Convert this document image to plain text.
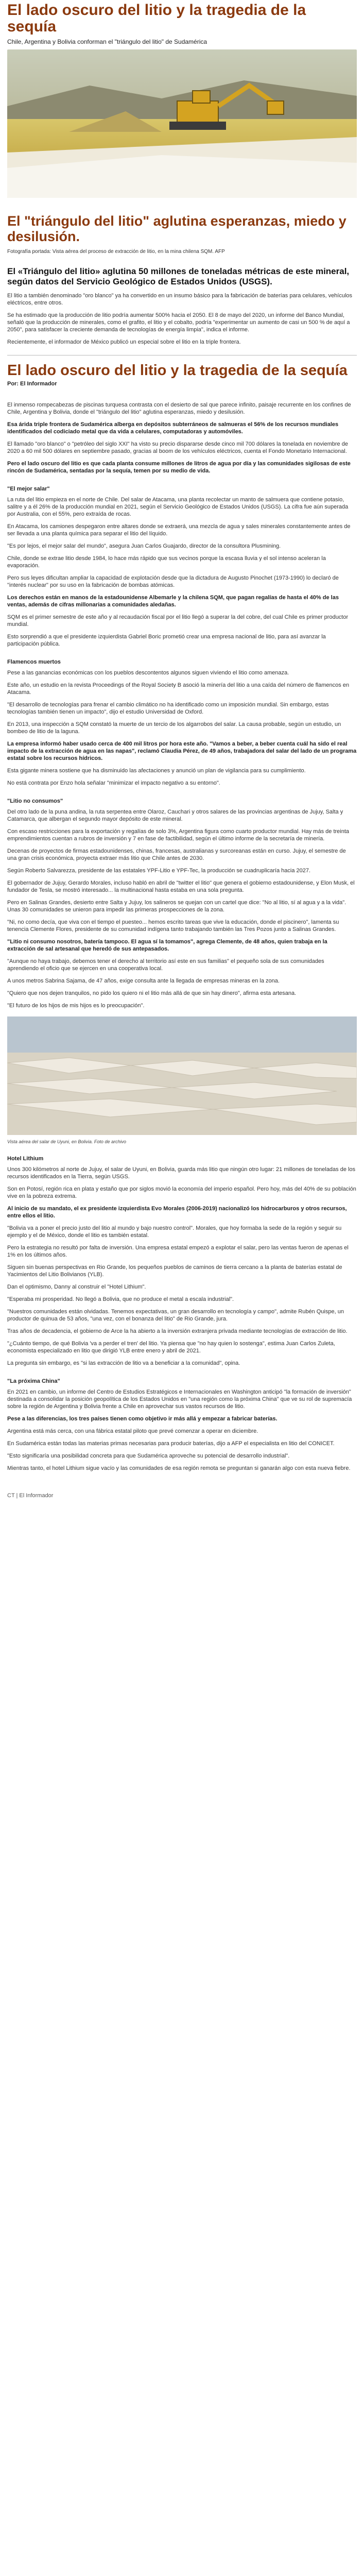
El lado oscuro del litio y la tragedia de la sequía
Chile, Argentina y Bolivia conforman el "triángulo del litio" de Sudamérica
El "triángulo del litio" aglutina esperanzas, miedo y desilusión.
Fotografía portada: Vista aérea del proceso de extracción de litio, en la mina chilena SQM. AFP
El «Triángulo del litio» aglutina 50 millones de toneladas métricas de este mineral, según datos del Servicio Geológico de Estados Unidos (USGS).

El litio a también denominado "oro blanco" ya ha convertido en un insumo básico para la fabricación de baterías para celulares, vehículos eléctricos, entre otros.

Se ha estimado que la producción de litio podría aumentar 500% hacia el 2050. El 8 de mayo del 2020, un informe del Banco Mundial, señaló que la producción de minerales, como el grafito, el litio y el cobalto, podría "experimentar un aumento de casi un 500 % de aquí a 2050", para satisfacer la creciente demanda de tecnologías de energía limpia", indica el informe.

Recientemente, el informador de México publicó un especial sobre el litio en la triple frontera.

El lado oscuro del litio y la tragedia de la sequía
Por: El Informador

El inmenso rompecabezas de piscinas turquesa contrasta con el desierto de sal que parece infinito, paisaje recurrente en los confines de Chile, Argentina y Bolivia, donde el "triángulo del litio" aglutina esperanzas, miedo y desilusión.

Esa árida triple frontera de Sudamérica alberga en depósitos subterráneos de salmueras el 56% de los recursos mundiales identificados del codiciado metal que da vida a celulares, computadoras y automóviles.

El llamado "oro blanco" o "petróleo del siglo XXI" ha visto su precio dispararse desde cinco mil 700 dólares la tonelada en noviembre de 2020 a 60 mil 500 dólares en septiembre pasado, gracias al boom de los vehículos eléctricos, cuenta el Fondo Monetario Internacional.

Pero el lado oscuro del litio es que cada planta consume millones de litros de agua por día y las comunidades sigilosas de este rincón de Sudamérica, sentadas por la sequía, temen por su medio de vida.

"El mejor salar"

La ruta del litio empieza en el norte de Chile. Del salar de Atacama, una planta recolectar un manto de salmuera que contiene potasio, salitre y a él 26% de la producción mundial en 2021, según el Servicio Geológico de Estados Unidos (USGS). La cifra fue aún superada por Australia, con el 55%, pero extraída de rocas.

En Atacama, los camiones despegaron entre altares donde se extraerá, una mezcla de agua y sales minerales constantemente antes de ser llevada a una planta química para separar el litio del líquido.

"Es por lejos, el mejor salar del mundo", asegura Juan Carlos Guajardo, director de la consultora Plusmining.

Chile, donde se extrae litio desde 1984, lo hace más rápido que sus vecinos porque la escasa lluvia y el sol intenso aceleran la evaporación.

Pero sus leyes dificultan ampliar la capacidad de explotación desde que la dictadura de Augusto Pinochet (1973-1990) lo declaró de "interés nuclear" por su uso en la fabricación de bombas atómicas.

Los derechos están en manos de la estadounidense Albemarle y la chilena SQM, que pagan regalías de hasta el 40% de las ventas, además de cifras millonarias a comunidades aledañas.

SQM es el primer semestre de este año y al recaudación fiscal por el litio llegó a superar la del cobre, del cual Chile es primer productor mundial.

Esto sorprendió a que el presidente izquierdista Gabriel Boric prometió crear una empresa nacional de litio, para así avanzar la participación pública.

Flamencos muertos

Pese a las ganancias económicas con los pueblos descontentos algunos siguen viviendo el litio como amenaza.

Este año, un estudio en la revista Proceedings of the Royal Society B asoció la minería del litio a una caída del número de flamencos en Atacama.

"El desarrollo de tecnologías para frenar el cambio climático no ha identificado como un imposición mundial. Sin embargo, estas tecnologías también tienen un impacto", dijo el estudio Universidad de Oxford.

En 2013, una inspección a SQM constató la muerte de un tercio de los algarrobos del salar. La causa probable, según un estudio, un bombeo de litio de la laguna.

La empresa informó haber usado cerca de 400 mil litros por hora este año. "Vamos a beber, a beber cuenta cuál ha sido el real impacto de la extracción de agua en las napas", reclamó Claudia Pérez, de 49 años, trabajadora del salar del lado de un programa estatal sobre los recursos hídricos.

Esta gigante minera sostiene que ha disminuido las afectaciones y anunció un plan de vigilancia para su cumplimiento.

No está contrata por Enzo hola señalar "minimizar el impacto negativo a su entorno".

"Litio no consumos"

Del otro lado de la puna andina, la ruta serpentea entre Olaroz, Cauchari y otros salares de las provincias argentinas de Jujuy, Salta y Catamarca, que albergan el segundo mayor depósito de este mineral.

Con escaso restricciones para la exportación y regalías de solo 3%, Argentina figura como cuarto productor mundial. Hay más de treinta emprendimientos cuentan a rubros de inversión y 7 en fase de factibilidad, según el último informe de la secretaría de minería.

Decenas de proyectos de firmas estadounidenses, chinas, francesas, australianas y surcoreanas están en curso. Jujuy, el semestre de una gran crisis económica, proyecta extraer más litio que Chile antes de 2030.

Según Roberto Salvarezza, presidente de las estatales YPF-Litio e YPF-Tec, la producción se cuadruplicaría hacia 2027.

El gobernador de Jujuy, Gerardo Morales, incluso habló en abril de "twitter el litio" que genera el gobierno estadounidense, y Elon Musk, el fundador de Tesla, se mostró interesado... la multinacional hasta estaba en una sola pregunta.

Pero en Salinas Grandes, desierto entre Salta y Jujuy, los salineros se quejan con un cartel que dice: "No al litio, sí al agua y a la vida". Unas 30 comunidades se unieron para impedir las primeras prospecciones de la zona.

"Ni, no como decía, que viva con el tiempo el puesteo... hemos escrito tareas que vive la educación, donde el piscinero", lamenta su tenencia Clemente Flores, presidente de su comunidad indígena tanto trabajando también las Tres Pozos junto a Salinas Grandes.

"Litio ni consumo nosotros, batería tampoco. El agua sí la tomamos", agrega Clemente, de 48 años, quien trabaja en la extracción de sal artesanal que heredó de sus antepasados.

"Aunque no haya trabajo, debemos tener el derecho al territorio así este en sus familias" el pequeño sola de sus comunidades aprendiendo el oficio que se ejercen en una cooperativa local.

A unos metros Sabrina Sajama, de 47 años, exige consulta ante la llegada de empresas mineras en la zona.

"Quiero que nos dejen tranquilos, no pido los quiero ni el litio más allá de que sin hay dinero", afirma esta artesana.

"El futuro de los hijos de mis hijos es lo preocupación".

Vista aérea del salar de Uyuni, en Bolivia. Foto de archivo
Hotel Lithium

Unos 300 kilómetros al norte de Jujuy, el salar de Uyuni, en Bolivia, guarda más litio que ningún otro lugar: 21 millones de toneladas de los recursos identificados en la Tierra, según USGS.

Son en Potosí, región rica en plata y estaño que por siglos movió la economía del imperio español. Pero hoy, más del 40% de su población vive en la pobreza extrema.

Al inicio de su mandato, el ex presidente izquierdista Evo Morales (2006-2019) nacionalizó los hidrocarburos y otros recursos, entre ellos el litio.

"Bolivia va a poner el precio justo del litio al mundo y bajo nuestro control". Morales, que hoy formaba la sede de la región y seguir su ejemplo y el de México, donde el litio es también estatal.

Pero la estrategia no resultó por falta de inversión. Una empresa estatal empezó a explotar el salar, pero las ventas fueron de apenas el 1% en los últimos años.

Siguen sin buenas perspectivas en Rio Grande, los pequeños pueblos de caminos de tierra cercano a la planta de baterías estatal de Yacimientos del Litio Bolivianos (YLB).

Dan el optimismo, Danny al construir el "Hotel Lithium".

"Esperaba mi prosperidad. No llegó a Bolivia, que no produce el metal a escala industrial".

"Nuestros comunidades están olvidadas. Tenemos expectativas, un gran desarrollo en tecnología y campo", admite Rubén Quispe, un productor de quinua de 53 años, "una vez, con el bonanza del litio" de Rio Grande, jura.

Tras años de decadencia, el gobierno de Arce la ha abierto a la inversión extranjera privada mediante tecnologías de extracción de litio.

"¿Cuánto tiempo, de qué Bolivia 'va a perder el tren' del litio. Ya piensa que "no hay quien lo sostenga", estima Juan Carlos Zuleta, economista especializado en litio que dirigió YLB entre enero y abril de 2021.

La pregunta sin embargo, es "si las extracción de litio va a beneficiar a la comunidad", opina.

"La próxima China"

En 2021 en cambio, un informe del Centro de Estudios Estratégicos e Internacionales en Washington anticipó "la formación de inversión" destinada a consolidar la posición geopolítica de los Estados Unidos en "una región como la próxima China" que ve su rol de supremacía sobre la región de Argentina y Bolivia frente a Chile en aprovechar sus vastos recursos de litio.

Pese a las diferencias, los tres países tienen como objetivo ir más allá y empezar a fabricar baterías.

Argentina está más cerca, con una fábrica estatal piloto que prevé comenzar a operar en diciembre.

En Sudamérica están todas las materias primas necesarias para producir baterías, dijo a AFP el especialista en litio del CONICET.

"Esto significaría una posibilidad concreta para que Sudamérica aproveche su potencial de desarrollo industrial".

Mientras tanto, el hotel Lithium sigue vacío y las comunidades de esa región remota se preguntan si ganarán algo con esta nueva fiebre.

CT | El Informador
